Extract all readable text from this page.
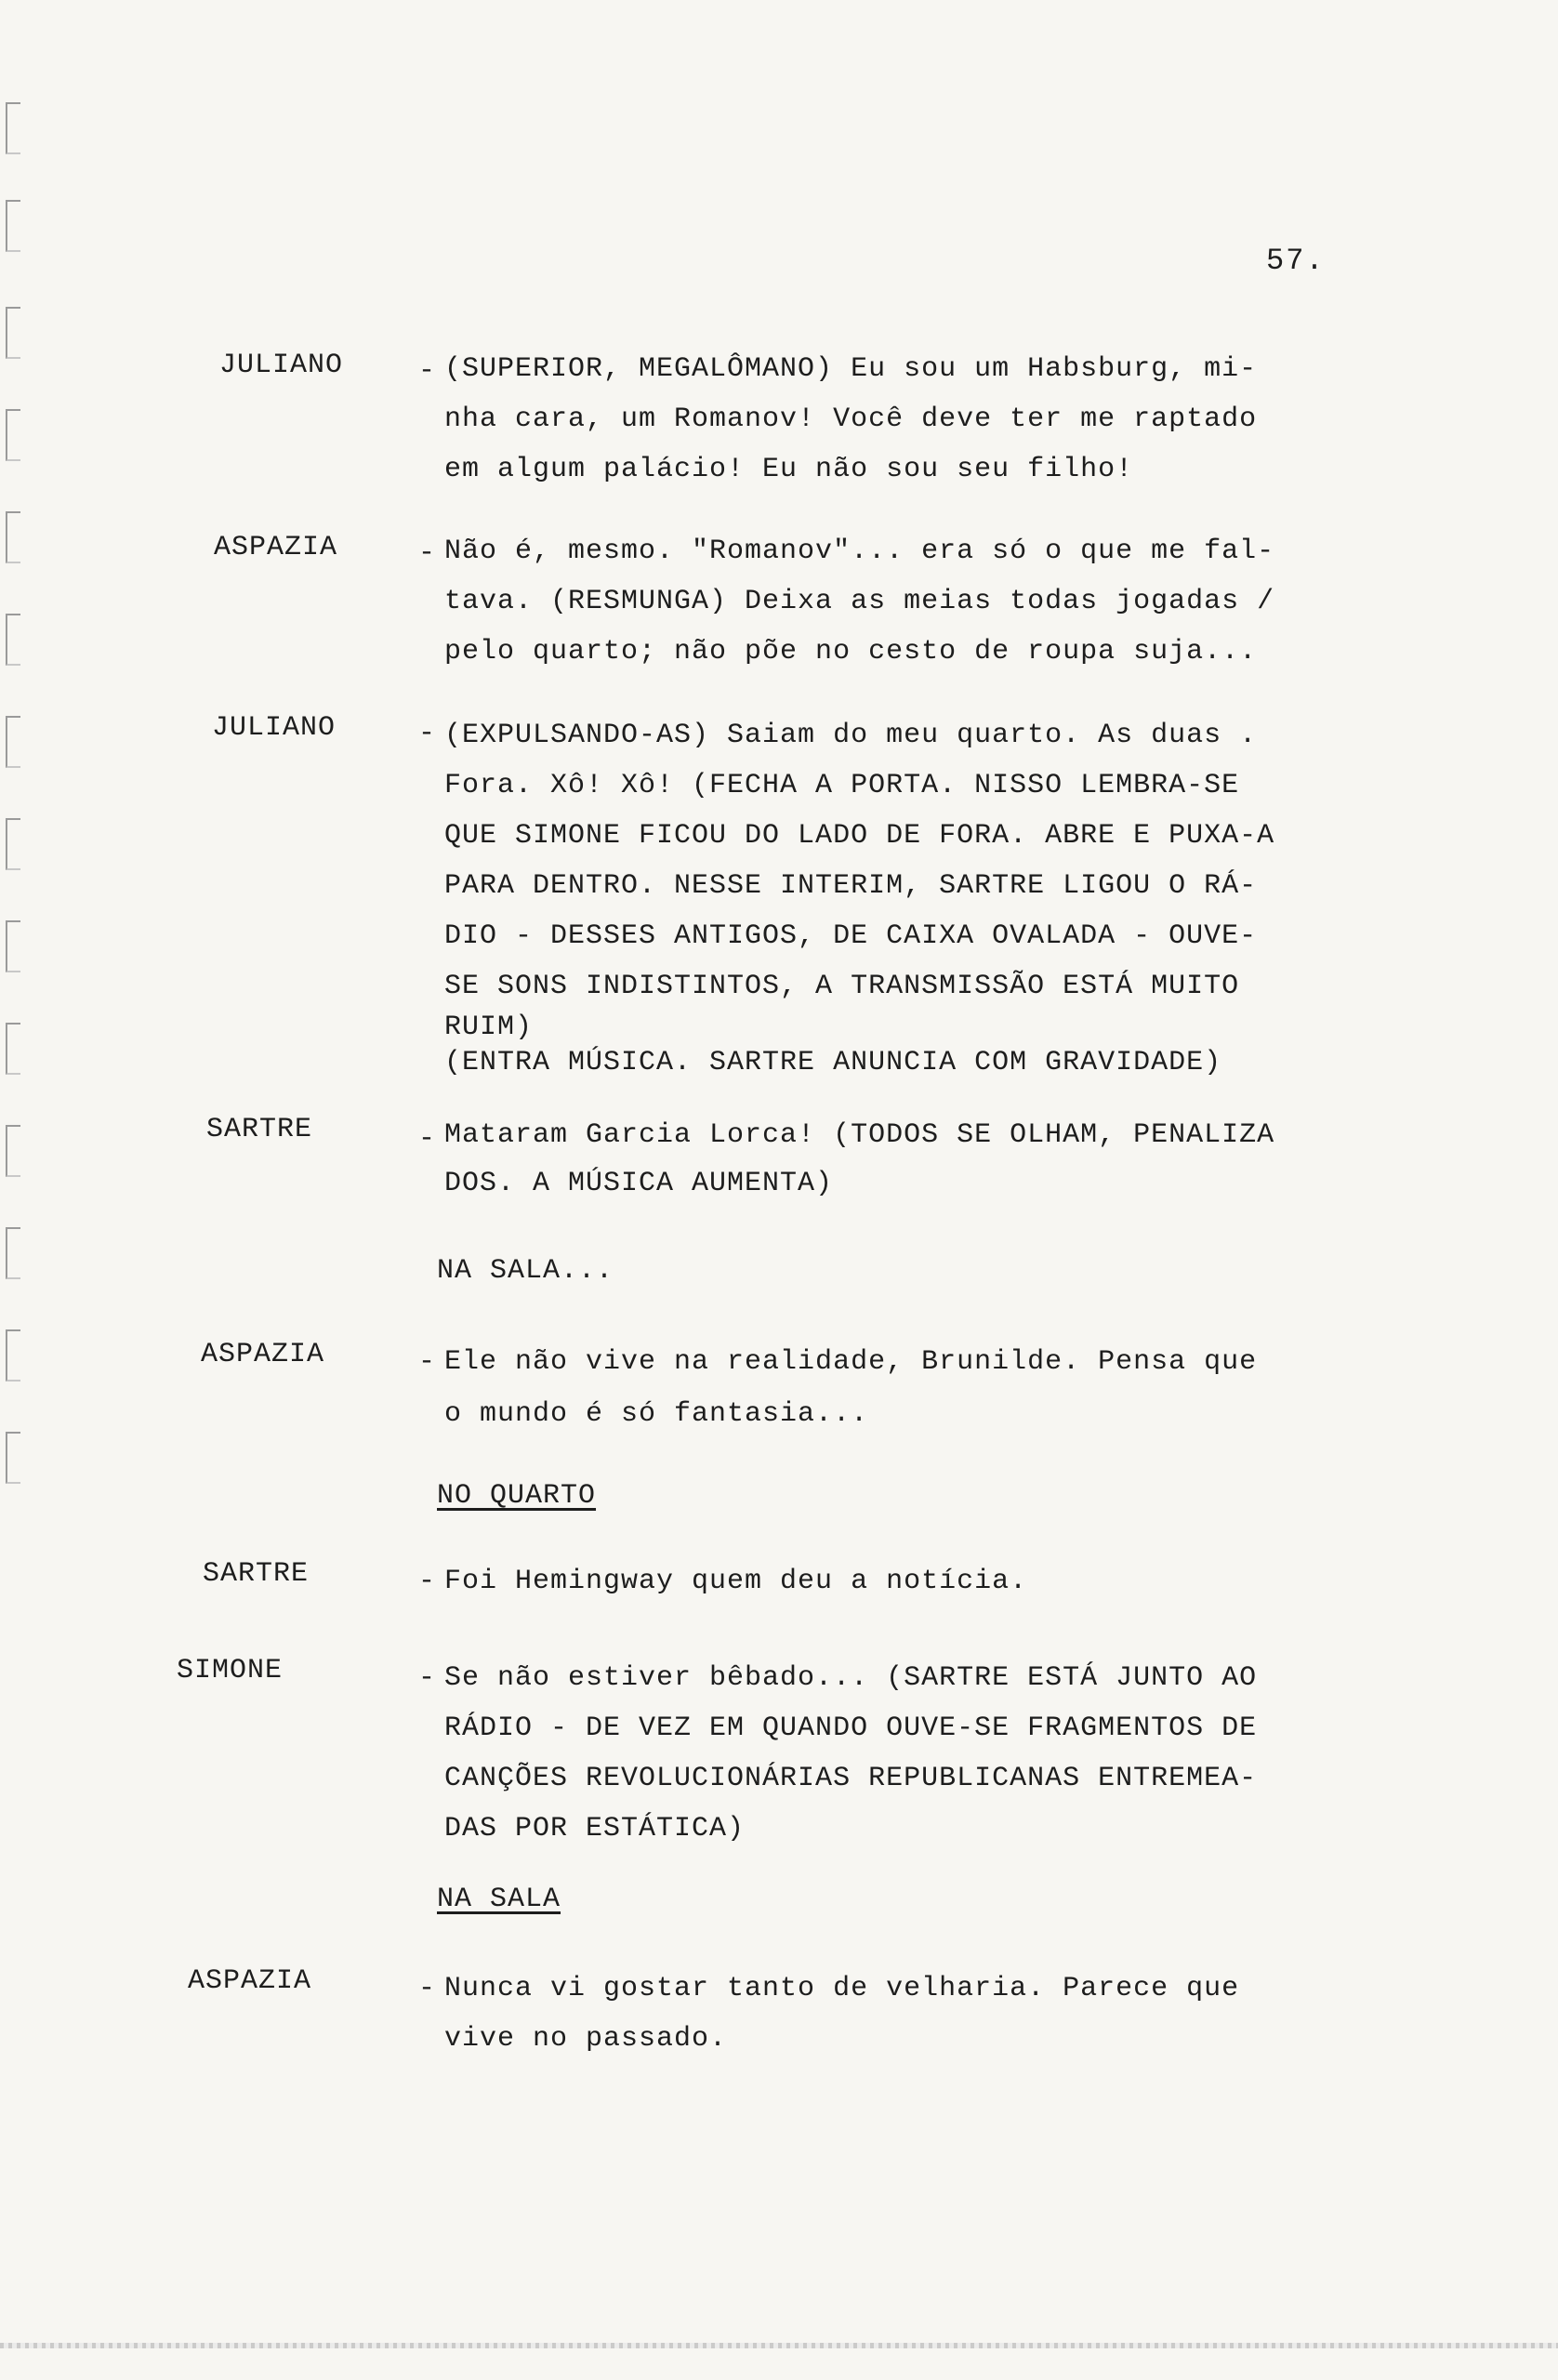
57.
JULIANO	- (SUPERIOR, MEGALÔMANO) Eu sou um Habsburg, mi-
nha cara, um Romanov! Você deve ter me raptado
em algum palácio! Eu não sou seu filho!
ASPAZIA	- Não é, mesmo. "Romanov"... era só o que me fal-
tava. (RESMUNGA) Deixa as meias todas jogadas /
pelo quarto; não põe no cesto de roupa suja...
JULIANO	- (EXPULSANDO-AS) Saiam do meu quarto. As duas .
Fora. Xô! Xô! (FECHA A PORTA. NISSO LEMBRA-SE
QUE SIMONE FICOU DO LADO DE FORA. ABRE E PUXA-A
PARA DENTRO. NESSE INTERIM, SARTRE LIGOU O RÁ-
DIO - DESSES ANTIGOS, DE CAIXA OVALADA - OUVE-
SE SONS INDISTINTOS, A TRANSMISSÃO ESTÁ MUITO
RUIM)
(ENTRA MÚSICA. SARTRE ANUNCIA COM GRAVIDADE)
SARTRE	- Mataram Garcia Lorca! (TODOS SE OLHAM, PENALIZA
DOS. A MÚSICA AUMENTA)
NA SALA...
ASPAZIA	- Ele não vive na realidade, Brunilde. Pensa que
o mundo é só fantasia...
NO QUARTO
SARTRE	- Foi Hemingway quem deu a notícia.
SIMONE	- Se não estiver bêbado... (SARTRE ESTÁ JUNTO AO
RÁDIO - DE VEZ EM QUANDO OUVE-SE FRAGMENTOS DE
CANÇÕES REVOLUCIONÁRIAS REPUBLICANAS ENTREMEA-
DAS POR ESTÁTICA)
NA SALA
ASPAZIA	- Nunca vi gostar tanto de velharia. Parece que
vive no passado.
